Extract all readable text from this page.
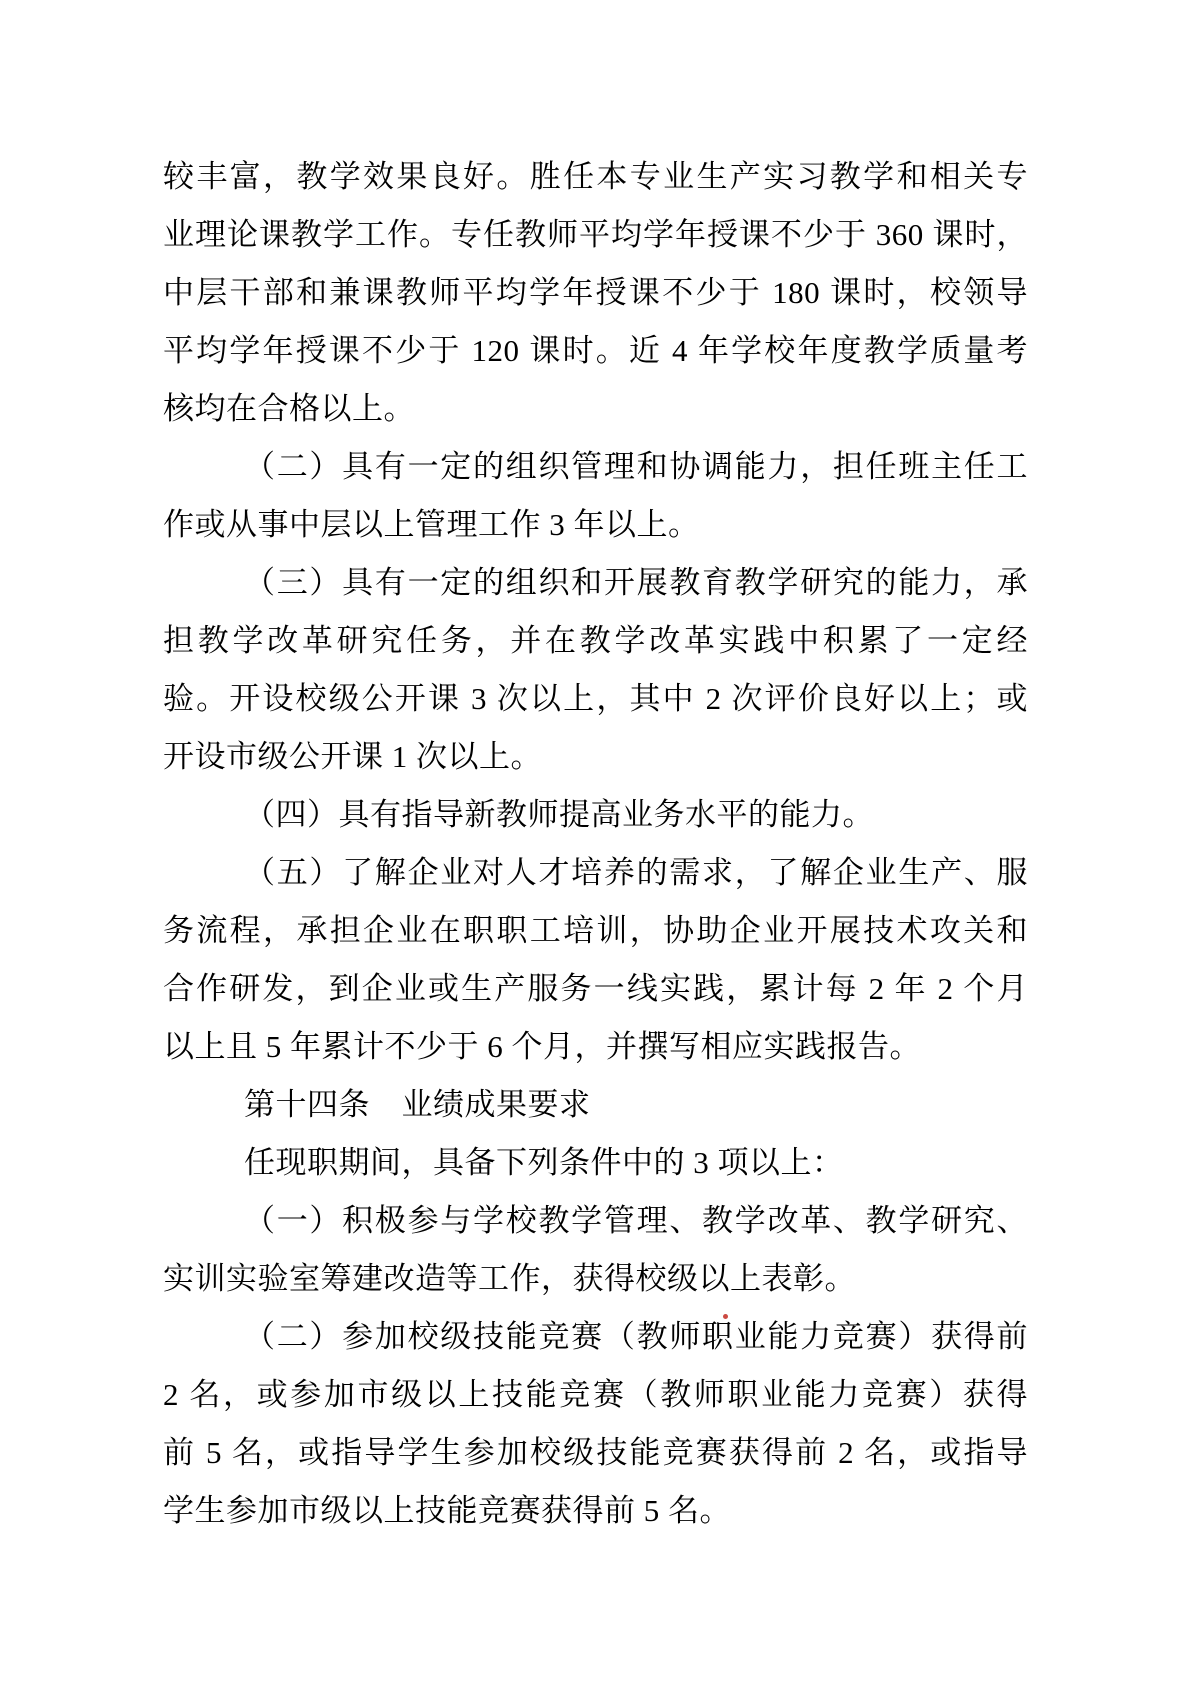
较丰富，教学效果良好。胜任本专业生产实习教学和相关专
业理论课教学工作。专任教师平均学年授课不少于 360 课时，
中层干部和兼课教师平均学年授课不少于 180 课时，校领导
平均学年授课不少于 120 课时。近 4 年学校年度教学质量考
核均在合格以上。
（二）具有一定的组织管理和协调能力，担任班主任工
作或从事中层以上管理工作 3 年以上。
（三）具有一定的组织和开展教育教学研究的能力，承
担教学改革研究任务，并在教学改革实践中积累了一定经
验。开设校级公开课 3 次以上，其中 2 次评价良好以上；或
开设市级公开课 1 次以上。
（四）具有指导新教师提高业务水平的能力。
（五）了解企业对人才培养的需求，了解企业生产、服
务流程，承担企业在职职工培训，协助企业开展技术攻关和
合作研发，到企业或生产服务一线实践，累计每 2 年 2 个月
以上且 5 年累计不少于 6 个月，并撰写相应实践报告。
第十四条　业绩成果要求
任现职期间，具备下列条件中的 3 项以上：
（一）积极参与学校教学管理、教学改革、教学研究、
实训实验室筹建改造等工作，获得校级以上表彰。
（二）参加校级技能竞赛（教师职业能力竞赛）获得前
2 名，或参加市级以上技能竞赛（教师职业能力竞赛）获得
前 5 名，或指导学生参加校级技能竞赛获得前 2 名，或指导
学生参加市级以上技能竞赛获得前 5 名。
